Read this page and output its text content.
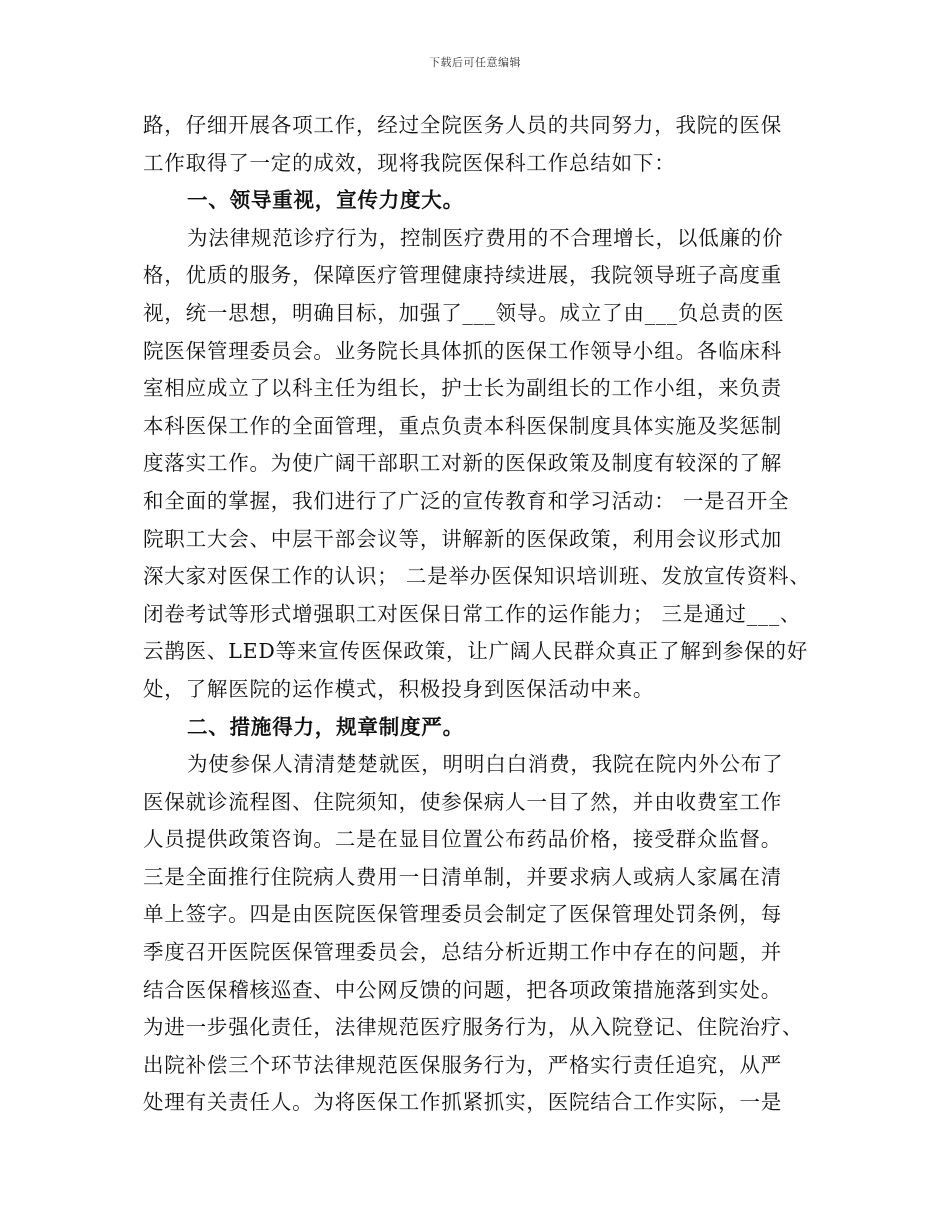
下载后可任意编辑
路，仔细开展各项工作，经过全院医务人员的共同努力，我院的医保
工作取得了一定的成效，现将我院医保科工作总结如下：
一、领导重视，宣传力度大。
为法律规范诊疗行为，控制医疗费用的不合理增长，以低廉的价
格，优质的服务，保障医疗管理健康持续进展，我院领导班子高度重
视，统一思想，明确目标，加强了___领导。成立了由___负总责的医
院医保管理委员会。业务院长具体抓的医保工作领导小组。各临床科
室相应成立了以科主任为组长，护士长为副组长的工作小组，来负责
本科医保工作的全面管理，重点负责本科医保制度具体实施及奖惩制
度落实工作。为使广阔干部职工对新的医保政策及制度有较深的了解
和全面的掌握，我们进行了广泛的宣传教育和学习活动： 一是召开全
院职工大会、中层干部会议等，讲解新的医保政策，利用会议形式加
深大家对医保工作的认识； 二是举办医保知识培训班、发放宣传资料、
闭卷考试等形式增强职工对医保日常工作的运作能力； 三是通过___、
云鹊医、LED等来宣传医保政策，让广阔人民群众真正了解到参保的好
处，了解医院的运作模式，积极投身到医保活动中来。
二、措施得力，规章制度严。
为使参保人清清楚楚就医，明明白白消费，我院在院内外公布了
医保就诊流程图、住院须知，使参保病人一目了然，并由收费室工作
人员提供政策咨询。二是在显目位置公布药品价格，接受群众监督。
三是全面推行住院病人费用一日清单制，并要求病人或病人家属在清
单上签字。四是由医院医保管理委员会制定了医保管理处罚条例，每
季度召开医院医保管理委员会，总结分析近期工作中存在的问题，并
结合医保稽核巡查、中公网反馈的问题，把各项政策措施落到实处。
为进一步强化责任，法律规范医疗服务行为，从入院登记、住院治疗、
出院补偿三个环节法律规范医保服务行为，严格实行责任追究，从严
处理有关责任人。为将医保工作抓紧抓实，医院结合工作实际，一是
